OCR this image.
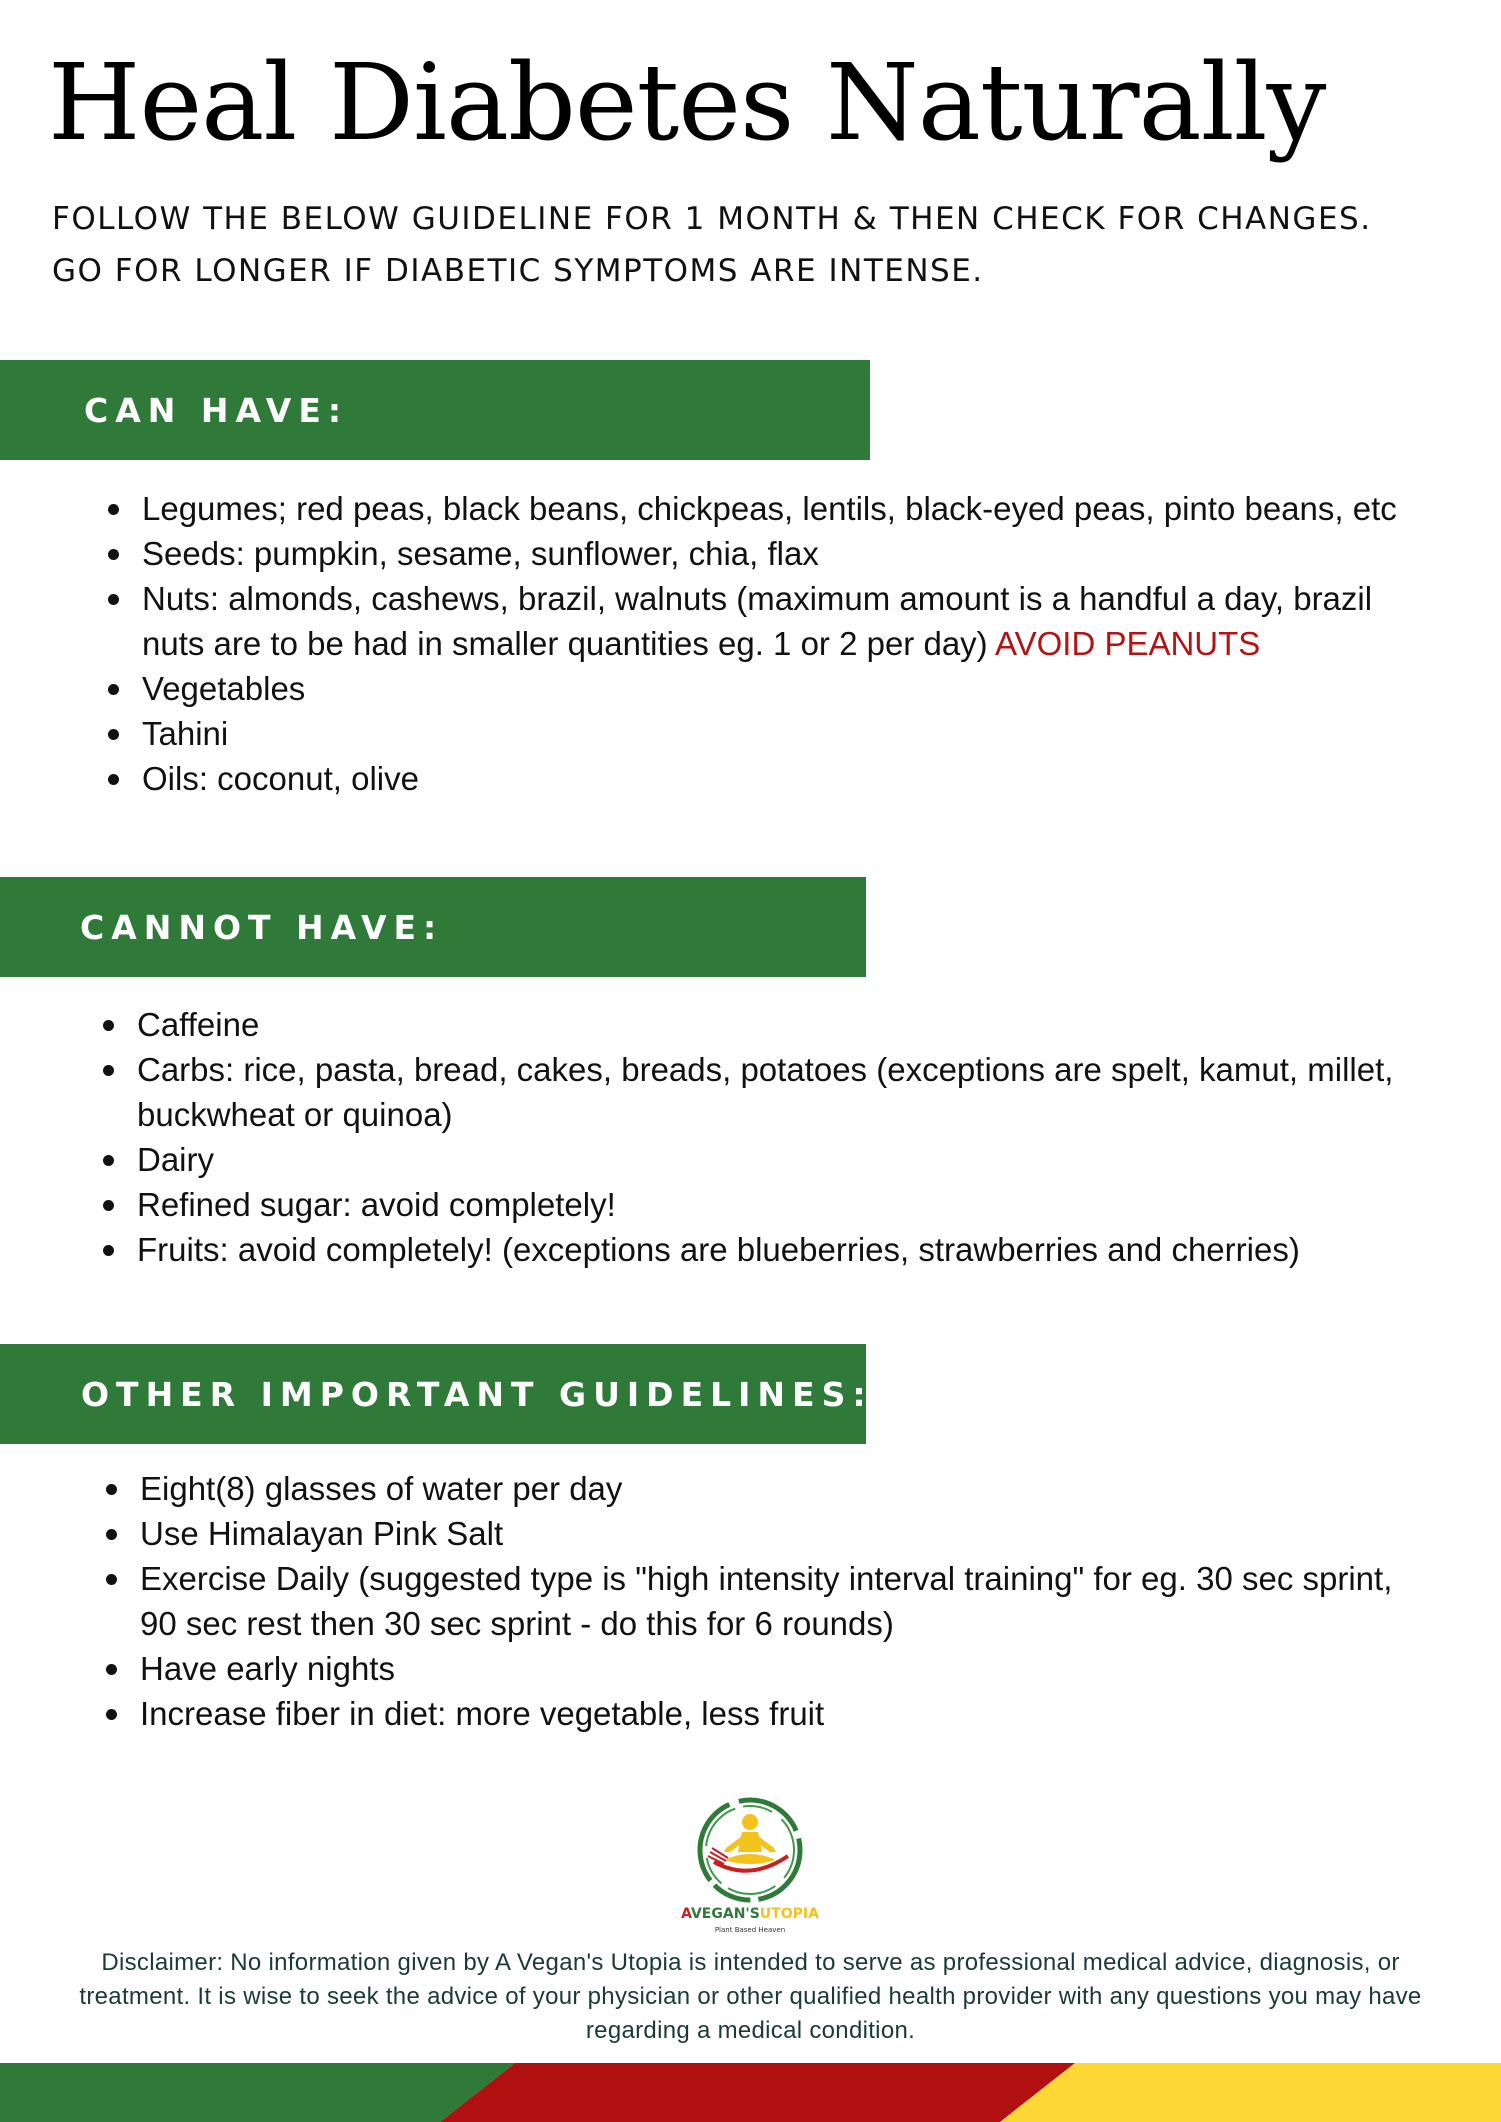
Heal Diabetes Naturally

FOLLOW THE BELOW GUIDELINE FOR 1 MONTH & THEN CHECK FOR CHANGES. GO FOR LONGER IF DIABETIC SYMPTOMS ARE INTENSE.

CAN HAVE:
Legumes; red peas, black beans, chickpeas, lentils, black-eyed peas, pinto beans, etc
Seeds: pumpkin, sesame, sunflower, chia, flax
Nuts: almonds, cashews, brazil, walnuts (maximum amount is a handful a day, brazil nuts are to be had in smaller quantities eg. 1 or 2 per day) AVOID PEANUTS
Vegetables
Tahini
Oils: coconut, olive
CANNOT HAVE:
Caffeine
Carbs: rice, pasta, bread, cakes, breads, potatoes (exceptions are spelt, kamut, millet, buckwheat or quinoa)
Dairy
Refined sugar: avoid completely!
Fruits: avoid completely! (exceptions are blueberries, strawberries and cherries)
OTHER IMPORTANT GUIDELINES:
Eight(8) glasses of water per day
Use Himalayan Pink Salt
Exercise Daily (suggested type is "high intensity interval training" for eg. 30 sec sprint, 90 sec rest then 30 sec sprint - do this for 6 rounds)
Have early nights
Increase fiber in diet: more vegetable, less fruit
AVEGAN'SUTOPIA
Plant Based Heaven

Disclaimer: No information given by A Vegan's Utopia is intended to serve as professional medical advice, diagnosis, or treatment. It is wise to seek the advice of your physician or other qualified health provider with any questions you may have regarding a medical condition.
